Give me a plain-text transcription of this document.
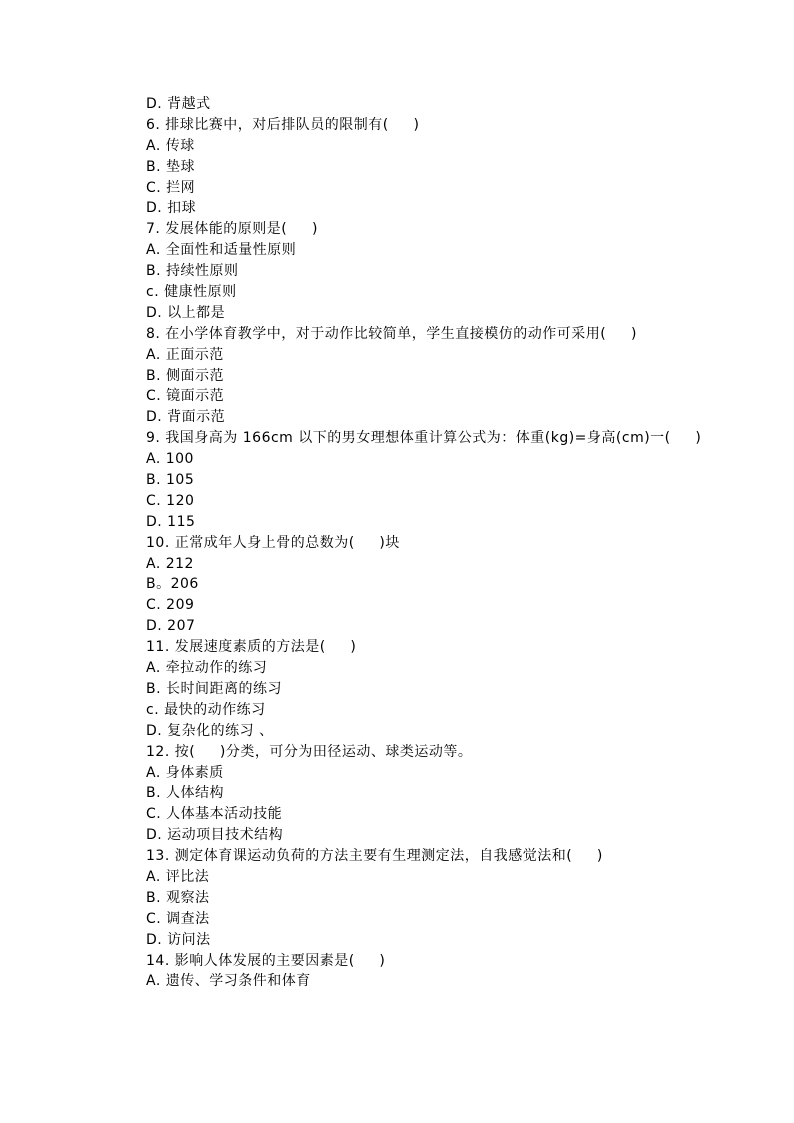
D. 背越式
6. 排球比赛中，对后排队员的限制有(     )
A. 传球
B. 垫球
C. 拦网
D. 扣球
7. 发展体能的原则是(     )
A. 全面性和适量性原则
B. 持续性原则
c. 健康性原则
D. 以上都是
8. 在小学体育教学中，对于动作比较简单，学生直接模仿的动作可采用(     )
A. 正面示范
B. 侧面示范
C. 镜面示范
D. 背面示范
9. 我国身高为 166cm 以下的男女理想体重计算公式为：体重(kg)=身高(cm)一(     )
A. 100
B. 105
C. 120
D. 115
10. 正常成年人身上骨的总数为(     )块
A. 212
B。206
C. 209
D. 207
11. 发展速度素质的方法是(     )
A. 牵拉动作的练习
B. 长时间距离的练习
c. 最快的动作练习
D. 复杂化的练习 、
12. 按(     )分类，可分为田径运动、球类运动等。
A. 身体素质
B. 人体结构
C. 人体基本活动技能
D. 运动项目技术结构
13. 测定体育课运动负荷的方法主要有生理测定法，自我感觉法和(     )
A. 评比法
B. 观察法
C. 调查法
D. 访问法
14. 影响人体发展的主要因素是(     )
A. 遗传、学习条件和体育
